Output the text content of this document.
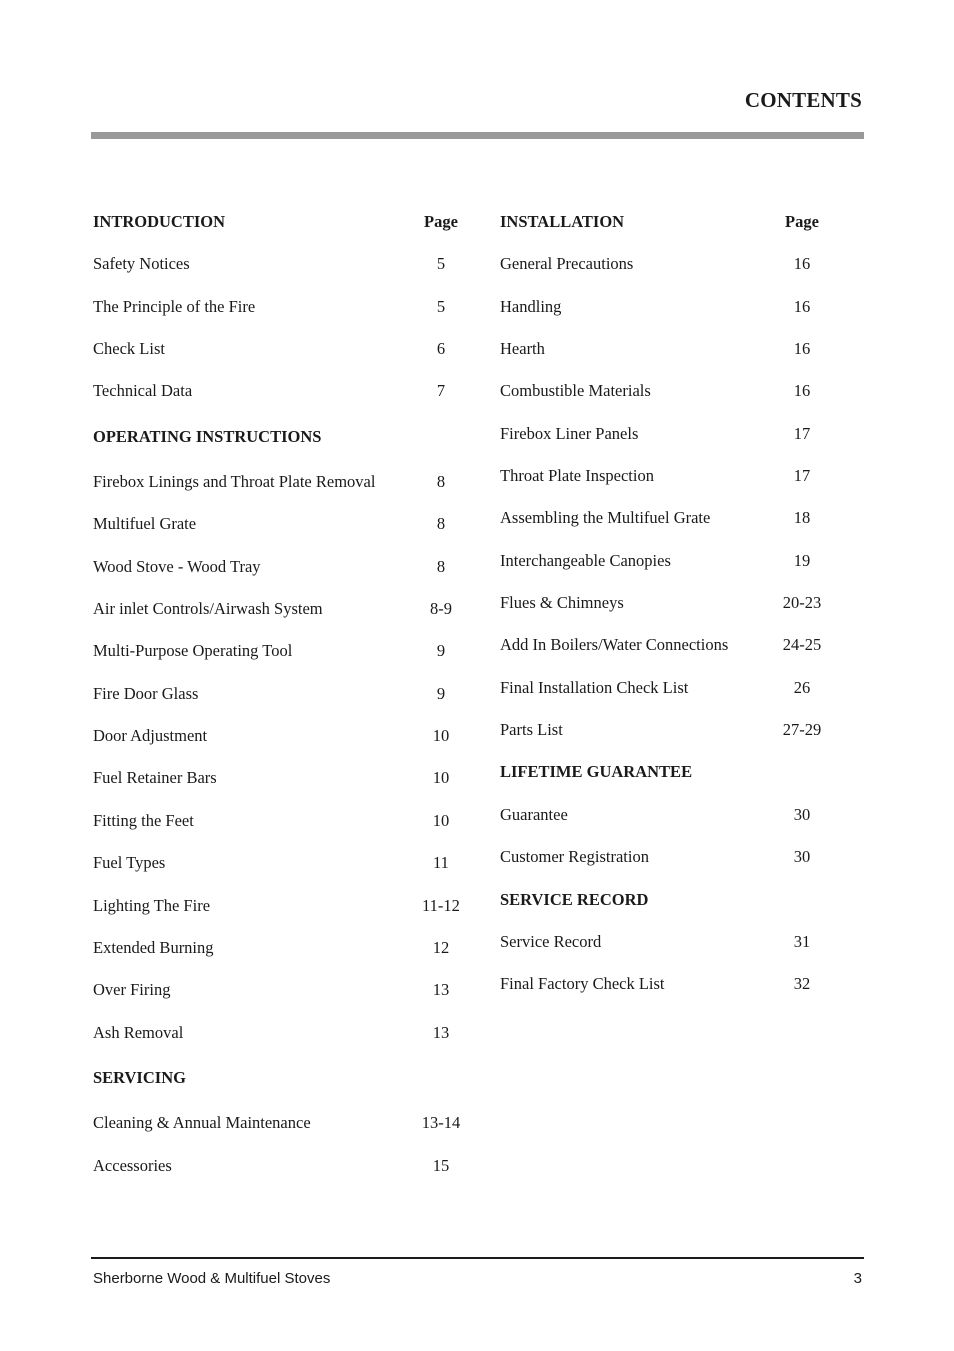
CONTENTS
INTRODUCTION	Page
Safety Notices	5
The Principle of the Fire	5
Check List	6
Technical Data	7
OPERATING INSTRUCTIONS
Firebox Linings and Throat Plate Removal	8
Multifuel Grate	8
Wood Stove - Wood Tray	8
Air inlet Controls/Airwash System	8-9
Multi-Purpose Operating Tool	9
Fire Door Glass	9
Door Adjustment	10
Fuel Retainer Bars	10
Fitting the Feet	10
Fuel Types	11
Lighting The Fire	11-12
Extended Burning	12
Over Firing	13
Ash Removal	13
SERVICING
Cleaning & Annual Maintenance	13-14
Accessories	15
INSTALLATION	Page
General Precautions	16
Handling	16
Hearth	16
Combustible Materials	16
Firebox Liner Panels	17
Throat Plate Inspection	17
Assembling the Multifuel Grate	18
Interchangeable Canopies	19
Flues & Chimneys	20-23
Add In Boilers/Water Connections	24-25
Final Installation Check List	26
Parts List	27-29
LIFETIME GUARANTEE
Guarantee	30
Customer Registration	30
SERVICE RECORD
Service Record	31
Final Factory Check List	32
Sherborne Wood & Multifuel Stoves	3
